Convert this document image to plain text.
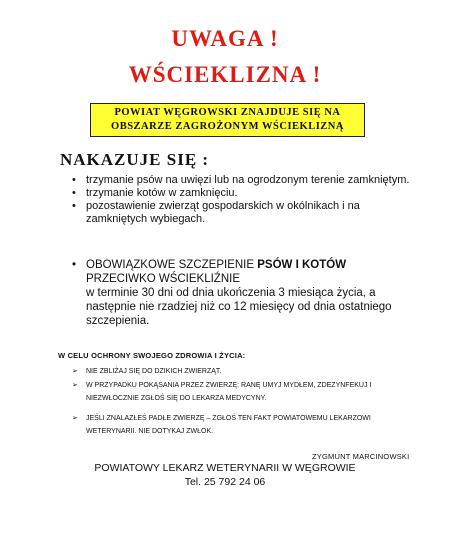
UWAGA !
WŚCIEKLIZNA !
POWIAT WĘGROWSKI ZNAJDUJE SIĘ NA
OBSZARZE ZAGROŻONYM WŚCIEKLIZNĄ
NAKAZUJE SIĘ :
• trzymanie psów na uwięzi lub na ogrodzonym terenie zamkniętym.
• trzymanie kotów w zamknięciu.
• pozostawienie zwierząt gospodarskich w okólnikach i na zamkniętych wybiegach.
• OBOWIĄZKOWE SZCZEPIENIE PSÓW I KOTÓW
PRZECIWKO WŚCIEKLIŹNIE
w terminie 30 dni od dnia ukończenia 3 miesiąca życia, a następnie nie rzadziej niż co 12 miesięcy od dnia ostatniego szczepienia.
W CELU OCHRONY SWOJEGO ZDROWIA I ŻYCIA:
➢ NIE ZBLIŻAJ SIĘ DO DZIKICH ZWIERZĄT.
➢ W PRZYPADKU POKĄSANIA PRZEZ ZWIERZĘ: RANĘ UMYJ MYDŁEM, ZDEZYNFEKUJ I NIEZWŁOCZNIE ZGŁOŚ SIĘ DO LEKARZA MEDYCYNY.
➢ JEŚLI ZNALAZŁEŚ PADŁE ZWIERZĘ – ZGŁOŚ TEN FAKT POWIATOWEMU LEKARZOWI WETERYNARII. NIE DOTYKAJ ZWŁOK.
ZYGMUNT MARCINOWSKI
POWIATOWY LEKARZ WETERYNARII W WĘGROWIE
Tel. 25 792 24 06
